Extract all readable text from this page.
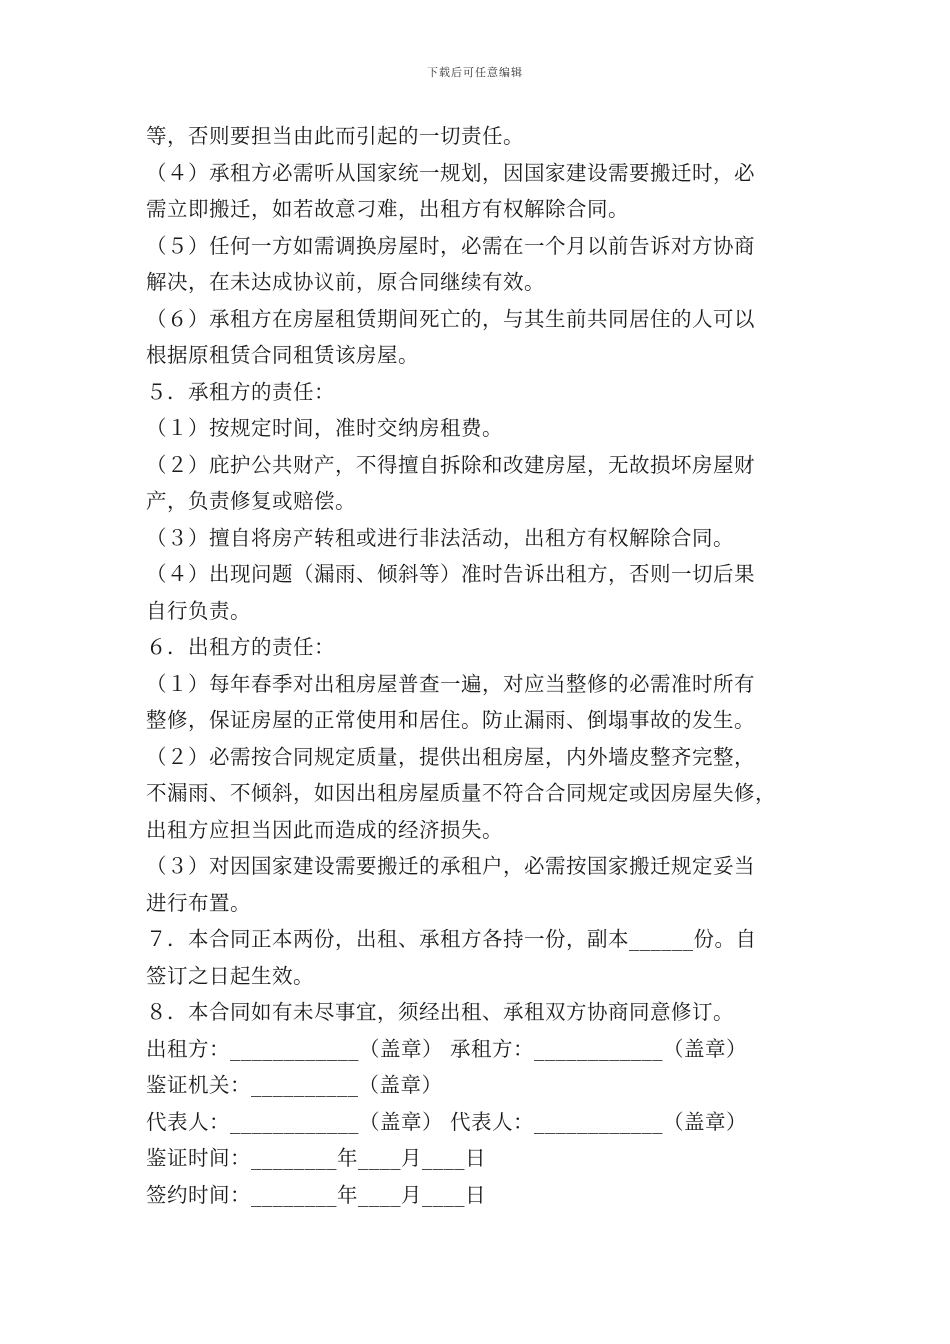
下载后可任意编辑
等，否则要担当由此而引起的一切责任。
（４）承租方必需听从国家统一规划，因国家建设需要搬迁时，必
需立即搬迁，如若故意刁难，出租方有权解除合同。
（５）任何一方如需调换房屋时，必需在一个月以前告诉对方协商
解决，在未达成协议前，原合同继续有效。
（６）承租方在房屋租赁期间死亡的，与其生前共同居住的人可以
根据原租赁合同租赁该房屋。
５．承租方的责任：
（１）按规定时间，准时交纳房租费。
（２）庇护公共财产，不得擅自拆除和改建房屋，无故损坏房屋财
产，负责修复或赔偿。
（３）擅自将房产转租或进行非法活动，出租方有权解除合同。
（４）出现问题（漏雨、倾斜等）准时告诉出租方，否则一切后果
自行负责。
６．出租方的责任：
（１）每年春季对出租房屋普查一遍，对应当整修的必需准时所有
整修，保证房屋的正常使用和居住。防止漏雨、倒塌事故的发生。
（２）必需按合同规定质量，提供出租房屋，内外墙皮整齐完整，
不漏雨、不倾斜，如因出租房屋质量不符合合同规定或因房屋失修，
出租方应担当因此而造成的经济损失。
（３）对因国家建设需要搬迁的承租户，必需按国家搬迁规定妥当
进行布置。
７．本合同正本两份，出租、承租方各持一份，副本______份。自
签订之日起生效。
８．本合同如有未尽事宜，须经出租、承租双方协商同意修订。
出租方：____________（盖章） 承租方：____________（盖章）
鉴证机关：__________（盖章）
代表人：____________（盖章） 代表人：____________（盖章）
鉴证时间：________年____月____日
签约时间：________年____月____日
